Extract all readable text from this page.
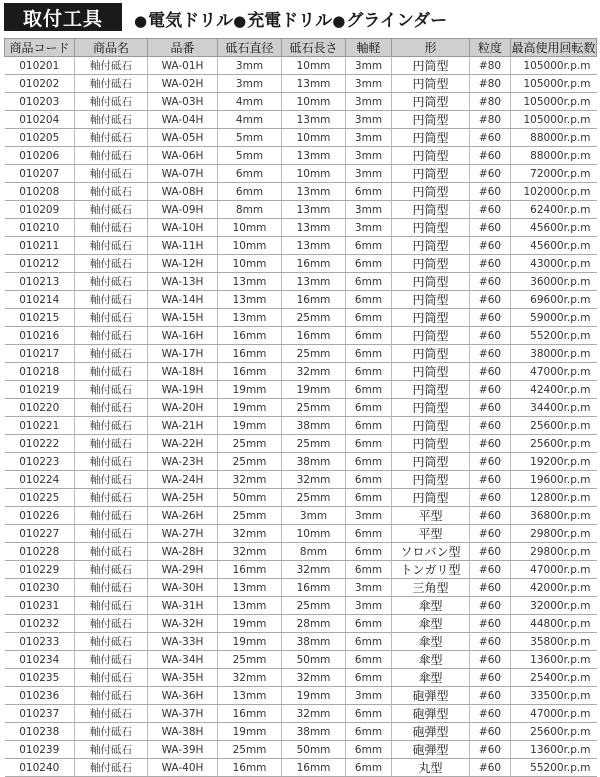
取付工具	●電気ドリル●充電ドリル●グラインダー
商品コード	商品名	品番	砥石直径	砥石長さ	軸軽	形	粒度	最高使用回転数
010201	軸付砥石	WA-01H	3mm	10mm	3mm	円筒型	#80	105000r.p.m
010202	軸付砥石	WA-02H	3mm	13mm	3mm	円筒型	#80	105000r.p.m
010203	軸付砥石	WA-03H	4mm	10mm	3mm	円筒型	#80	105000r.p.m
010204	軸付砥石	WA-04H	4mm	13mm	3mm	円筒型	#80	105000r.p.m
010205	軸付砥石	WA-05H	5mm	10mm	3mm	円筒型	#60	88000r.p.m
010206	軸付砥石	WA-06H	5mm	13mm	3mm	円筒型	#60	88000r.p.m
010207	軸付砥石	WA-07H	6mm	10mm	3mm	円筒型	#60	72000r.p.m
010208	軸付砥石	WA-08H	6mm	13mm	6mm	円筒型	#60	102000r.p.m
010209	軸付砥石	WA-09H	8mm	13mm	3mm	円筒型	#60	62400r.p.m
010210	軸付砥石	WA-10H	10mm	13mm	3mm	円筒型	#60	45600r.p.m
010211	軸付砥石	WA-11H	10mm	13mm	6mm	円筒型	#60	45600r.p.m
010212	軸付砥石	WA-12H	10mm	16mm	6mm	円筒型	#60	43000r.p.m
010213	軸付砥石	WA-13H	13mm	13mm	6mm	円筒型	#60	36000r.p.m
010214	軸付砥石	WA-14H	13mm	16mm	6mm	円筒型	#60	69600r.p.m
010215	軸付砥石	WA-15H	13mm	25mm	6mm	円筒型	#60	59000r.p.m
010216	軸付砥石	WA-16H	16mm	16mm	6mm	円筒型	#60	55200r.p.m
010217	軸付砥石	WA-17H	16mm	25mm	6mm	円筒型	#60	38000r.p.m
010218	軸付砥石	WA-18H	16mm	32mm	6mm	円筒型	#60	47000r.p.m
010219	軸付砥石	WA-19H	19mm	19mm	6mm	円筒型	#60	42400r.p.m
010220	軸付砥石	WA-20H	19mm	25mm	6mm	円筒型	#60	34400r.p.m
010221	軸付砥石	WA-21H	19mm	38mm	6mm	円筒型	#60	25600r.p.m
010222	軸付砥石	WA-22H	25mm	25mm	6mm	円筒型	#60	25600r.p.m
010223	軸付砥石	WA-23H	25mm	38mm	6mm	円筒型	#60	19200r.p.m
010224	軸付砥石	WA-24H	32mm	32mm	6mm	円筒型	#60	19600r.p.m
010225	軸付砥石	WA-25H	50mm	25mm	6mm	円筒型	#60	12800r.p.m
010226	軸付砥石	WA-26H	25mm	3mm	3mm	平型	#60	36800r.p.m
010227	軸付砥石	WA-27H	32mm	10mm	6mm	平型	#60	29800r.p.m
010228	軸付砥石	WA-28H	32mm	8mm	6mm	ソロバン型	#60	29800r.p.m
010229	軸付砥石	WA-29H	16mm	32mm	6mm	トンガリ型	#60	47000r.p.m
010230	軸付砥石	WA-30H	13mm	16mm	3mm	三角型	#60	42000r.p.m
010231	軸付砥石	WA-31H	13mm	25mm	3mm	傘型	#60	32000r.p.m
010232	軸付砥石	WA-32H	19mm	28mm	6mm	傘型	#60	44800r.p.m
010233	軸付砥石	WA-33H	19mm	38mm	6mm	傘型	#60	35800r.p.m
010234	軸付砥石	WA-34H	25mm	50mm	6mm	傘型	#60	13600r.p.m
010235	軸付砥石	WA-35H	32mm	32mm	6mm	傘型	#60	25400r.p.m
010236	軸付砥石	WA-36H	13mm	19mm	3mm	砲弾型	#60	33500r.p.m
010237	軸付砥石	WA-37H	16mm	32mm	6mm	砲弾型	#60	47000r.p.m
010238	軸付砥石	WA-38H	19mm	38mm	6mm	砲弾型	#60	25600r.p.m
010239	軸付砥石	WA-39H	25mm	50mm	6mm	砲弾型	#60	13600r.p.m
010240	軸付砥石	WA-40H	16mm	16mm	6mm	丸型	#60	55200r.p.m
